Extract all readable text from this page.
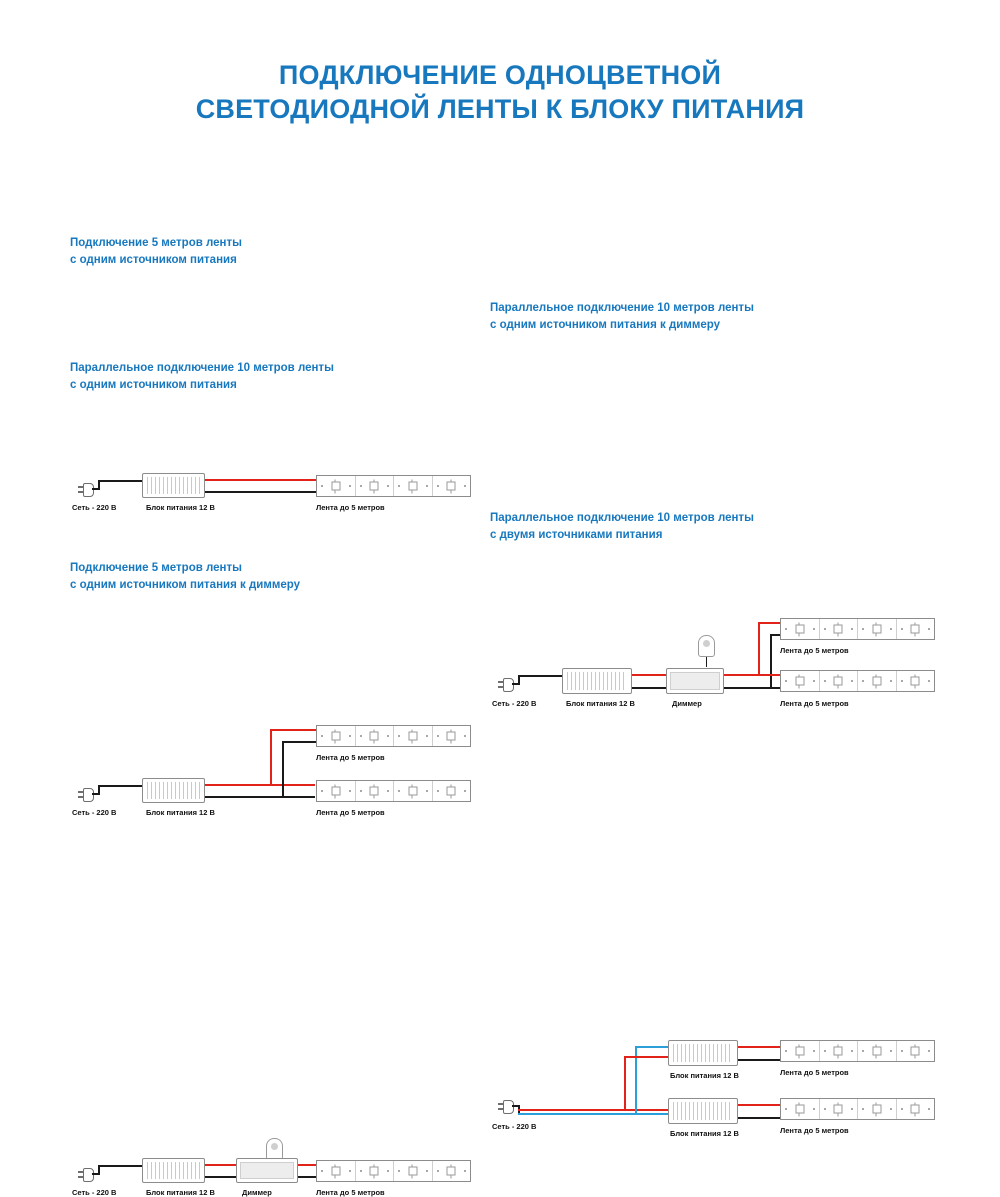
ПОДКЛЮЧЕНИЕ ОДНОЦВЕТНОЙ
СВЕТОДИОДНОЙ ЛЕНТЫ К БЛОКУ ПИТАНИЯ
Сеть - 220 В	Блок питания 12 В	Лента до 5 метров
Подключение 5 метров ленты
с одним источником питания
Лента до 5 метров
Сеть - 220 В	Блок питания 12 В	Лента до 5 метров
Параллельное подключение 10 метров ленты
с одним источником питания
Сеть - 220 В	Блок питания 12 В	Диммер	Лента до 5 метров
Подключение 5 метров ленты
с одним источником питания к диммеру
Лента до 5 метров
Сеть - 220 В	Блок питания 12 В	Диммер	Лента до 5 метров
Параллельное подключение 10 метров ленты
с одним источником питания к диммеру
Лента до 5 метров
Блок питания 12 В
Лента до 5 метров
Блок питания 12 В
Сеть - 220 В
Параллельное подключение 10 метров ленты
с двумя источниками питания
